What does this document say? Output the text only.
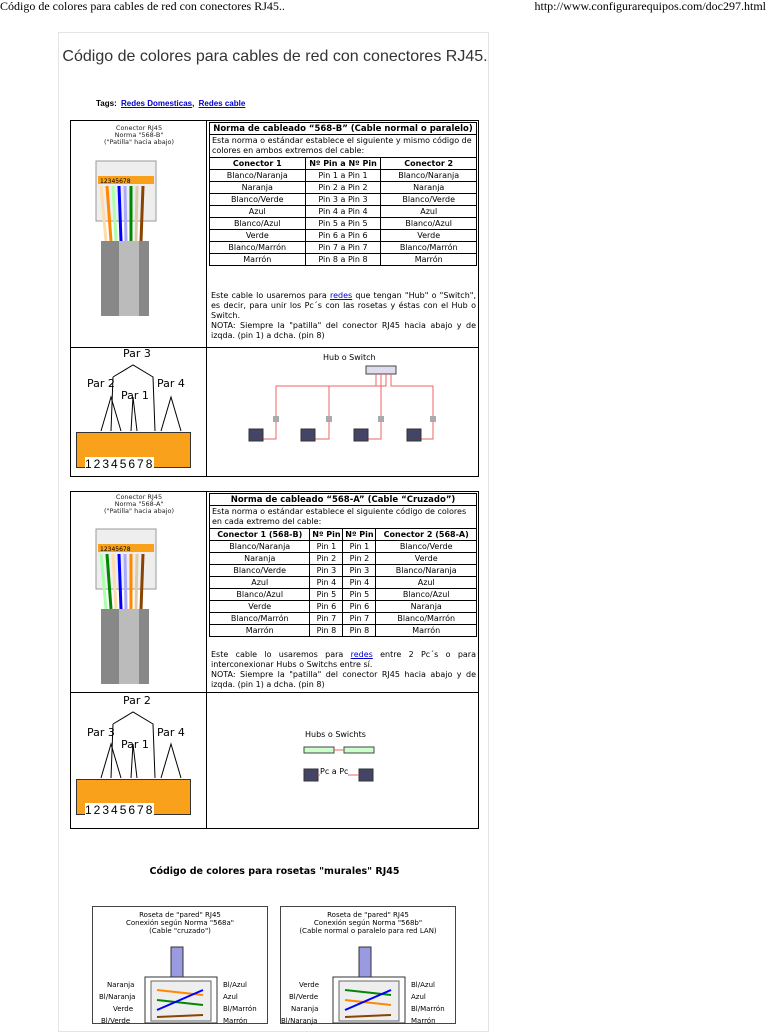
Código de colores para cables de red con conectores RJ45..	http://www.configurarequipos.com/doc297.html
Código de colores para cables de red con conectores RJ45.
Tags: Redes Domesticas, Redes cable
Conector RJ45
Norma "568-B"
("Patilla" hacia abajo)
12345678
Par 3
Par 2
Par 1
Par 4
12345678
Norma de cableado “568-B” (Cable normal o paralelo)		
Esta norma o estándar establece el siguiente y mismo código de colores en ambos extremos del cable:		
Conector 1	Nº Pin a Nº Pin	Conector 2
Blanco/Naranja	Pin 1 a Pin 1	Blanco/Naranja
Naranja	Pin 2 a Pin 2	Naranja
Blanco/Verde	Pin 3 a Pin 3	Blanco/Verde
Azul	Pin 4 a Pin 4	Azul
Blanco/Azul	Pin 5 a Pin 5	Blanco/Azul
Verde	Pin 6 a Pin 6	Verde
Blanco/Marrón	Pin 7 a Pin 7	Blanco/Marrón
Marrón	Pin 8 a Pin 8	Marrón
Este cable lo usaremos para redes que tengan "Hub" o "Switch", es decir, para unir los Pc´s con las rosetas y éstas con el Hub o Switch.
NOTA: Siempre la "patilla" del conector RJ45 hacia abajo y de izqda. (pin 1) a dcha. (pin 8)
Hub o Switch
Conector RJ45
Norma "568-A"
("Patilla" hacia abajo)
12345678
Par 2
Par 3
Par 1
Par 4
12345678
Norma de cableado “568-A” (Cable “Cruzado”)			
Esta norma o estándar establece el siguiente código de colores en cada extremo del cable:			
Conector 1 (568-B)	Nº Pin	Nº Pin	Conector 2 (568-A)
Blanco/Naranja	Pin 1	Pin 1	Blanco/Verde
Naranja	Pin 2	Pin 2	Verde
Blanco/Verde	Pin 3	Pin 3	Blanco/Naranja
Azul	Pin 4	Pin 4	Azul
Blanco/Azul	Pin 5	Pin 5	Blanco/Azul
Verde	Pin 6	Pin 6	Naranja
Blanco/Marrón	Pin 7	Pin 7	Blanco/Marrón
Marrón	Pin 8	Pin 8	Marrón
Este cable lo usaremos para redes entre 2 Pc´s o para interconexionar Hubs o Switchs entre sí.
NOTA: Siempre la "patilla" del conector RJ45 hacia abajo y de izqda. (pin 1) a dcha. (pin 8)
Hubs o Swichts
Pc a Pc
Código de colores para rosetas "murales" RJ45
Roseta de "pared" RJ45
Conexión según Norma "568a"
(Cable "cruzado")
Naranja
Bl/Naranja
Verde
Bl/Verde
Bl/Azul
Azul
Bl/Marrón
Marrón
Roseta de "pared" RJ45
Conexión según Norma "568b"
(Cable normal o paralelo para red LAN)
Verde
Bl/Verde
Naranja
Bl/Naranja
Bl/Azul
Azul
Bl/Marrón
Marrón
